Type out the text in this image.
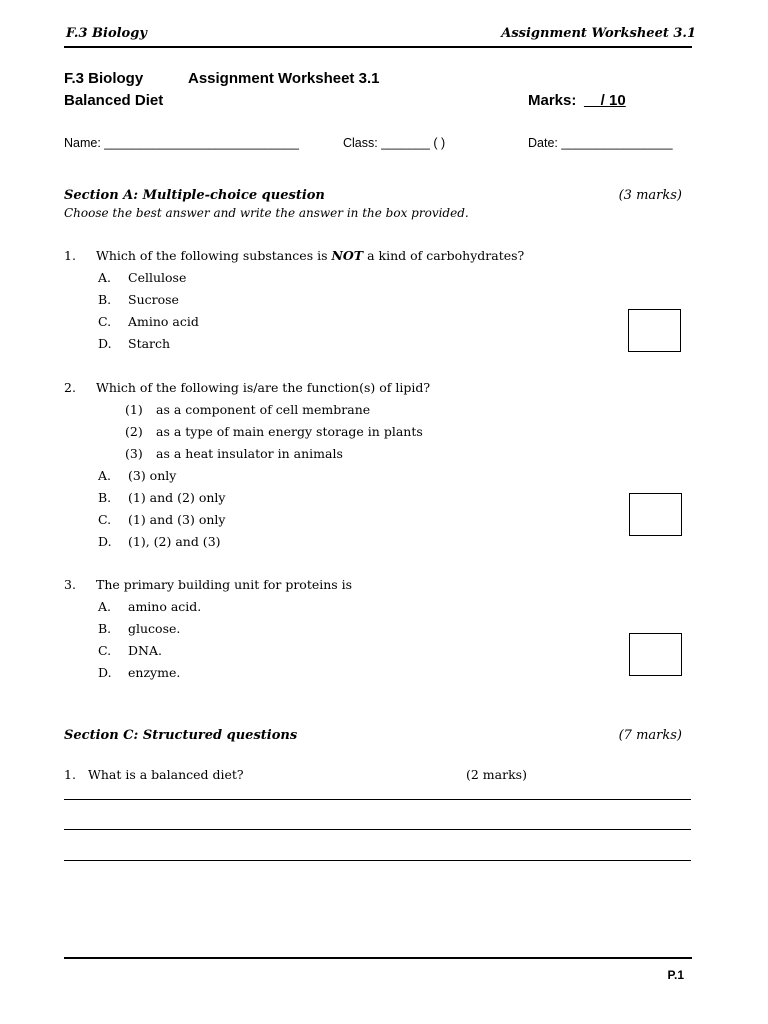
F.3 Biology	Assignment Worksheet 3.1
F.3 Biology	Assignment Worksheet 3.1
Balanced Diet	Marks: __/ 10
Name: ____________________________	Class: _______ ( )	Date: ________________
Section A: Multiple-choice question	(3 marks)
Choose the best answer and write the answer in the box provided.
1. Which of the following substances is NOT a kind of carbohydrates?
A. Cellulose
B. Sucrose
C. Amino acid
D. Starch
2. Which of the following is/are the function(s) of lipid?
(1) as a component of cell membrane
(2) as a type of main energy storage in plants
(3) as a heat insulator in animals
A. (3) only
B. (1) and (2) only
C. (1) and (3) only
D. (1), (2) and (3)
3. The primary building unit for proteins is
A. amino acid.
B. glucose.
C. DNA.
D. enzyme.
Section C: Structured questions	(7 marks)
1. What is a balanced diet?	(2 marks)
P.1
